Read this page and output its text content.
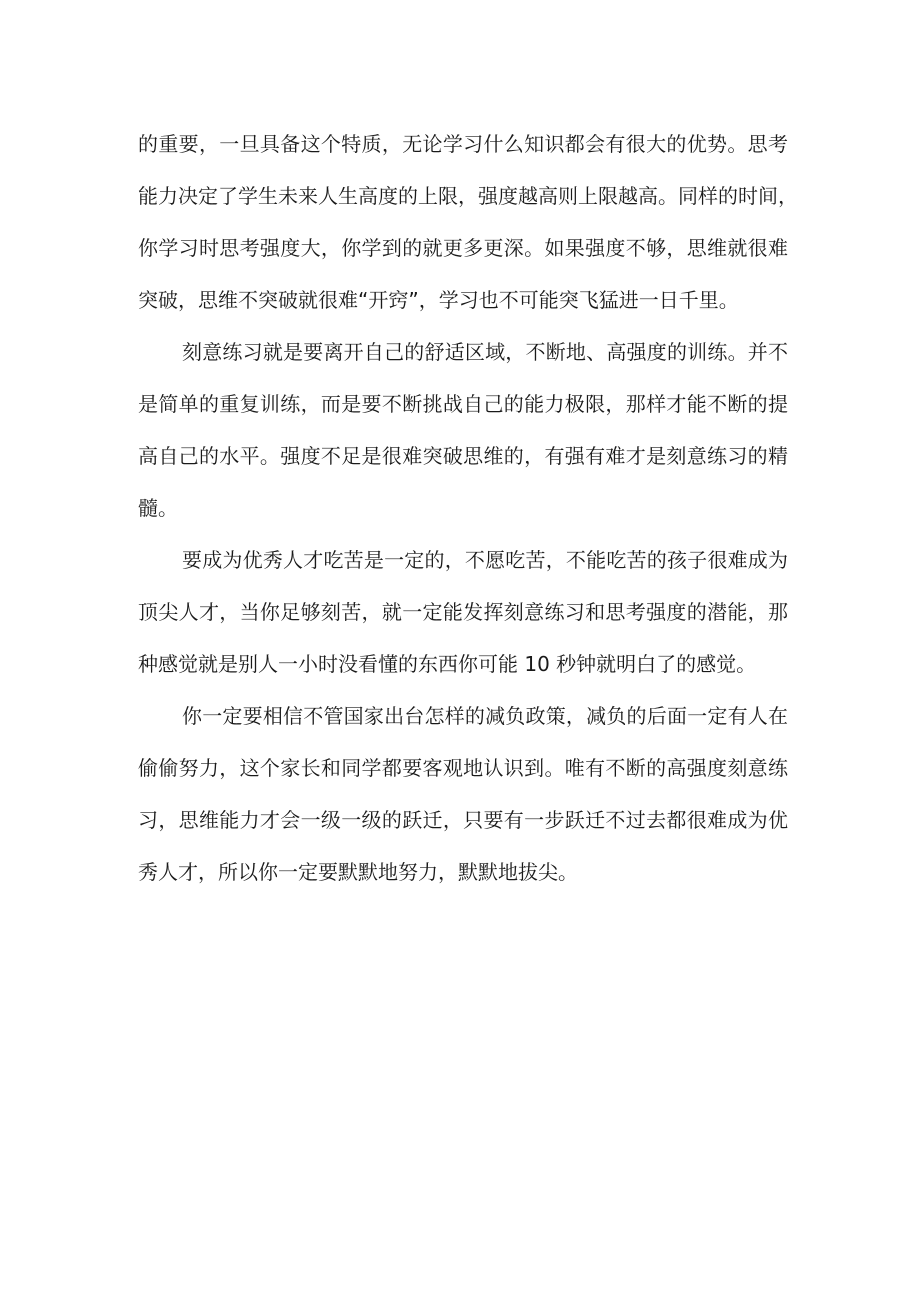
的重要，一旦具备这个特质，无论学习什么知识都会有很大的优势。思考
能力决定了学生未来人生高度的上限，强度越高则上限越高。同样的时间，
你学习时思考强度大，你学到的就更多更深。如果强度不够，思维就很难
突破，思维不突破就很难“开窍”，学习也不可能突飞猛进一日千里。
刻意练习就是要离开自己的舒适区域，不断地、高强度的训练。并不
是简单的重复训练，而是要不断挑战自己的能力极限，那样才能不断的提
高自己的水平。强度不足是很难突破思维的，有强有难才是刻意练习的精
髓。
要成为优秀人才吃苦是一定的，不愿吃苦，不能吃苦的孩子很难成为
顶尖人才，当你足够刻苦，就一定能发挥刻意练习和思考强度的潜能，那
种感觉就是别人一小时没看懂的东西你可能 10 秒钟就明白了的感觉。
你一定要相信不管国家出台怎样的减负政策，减负的后面一定有人在
偷偷努力，这个家长和同学都要客观地认识到。唯有不断的高强度刻意练
习，思维能力才会一级一级的跃迁，只要有一步跃迁不过去都很难成为优
秀人才，所以你一定要默默地努力，默默地拔尖。
